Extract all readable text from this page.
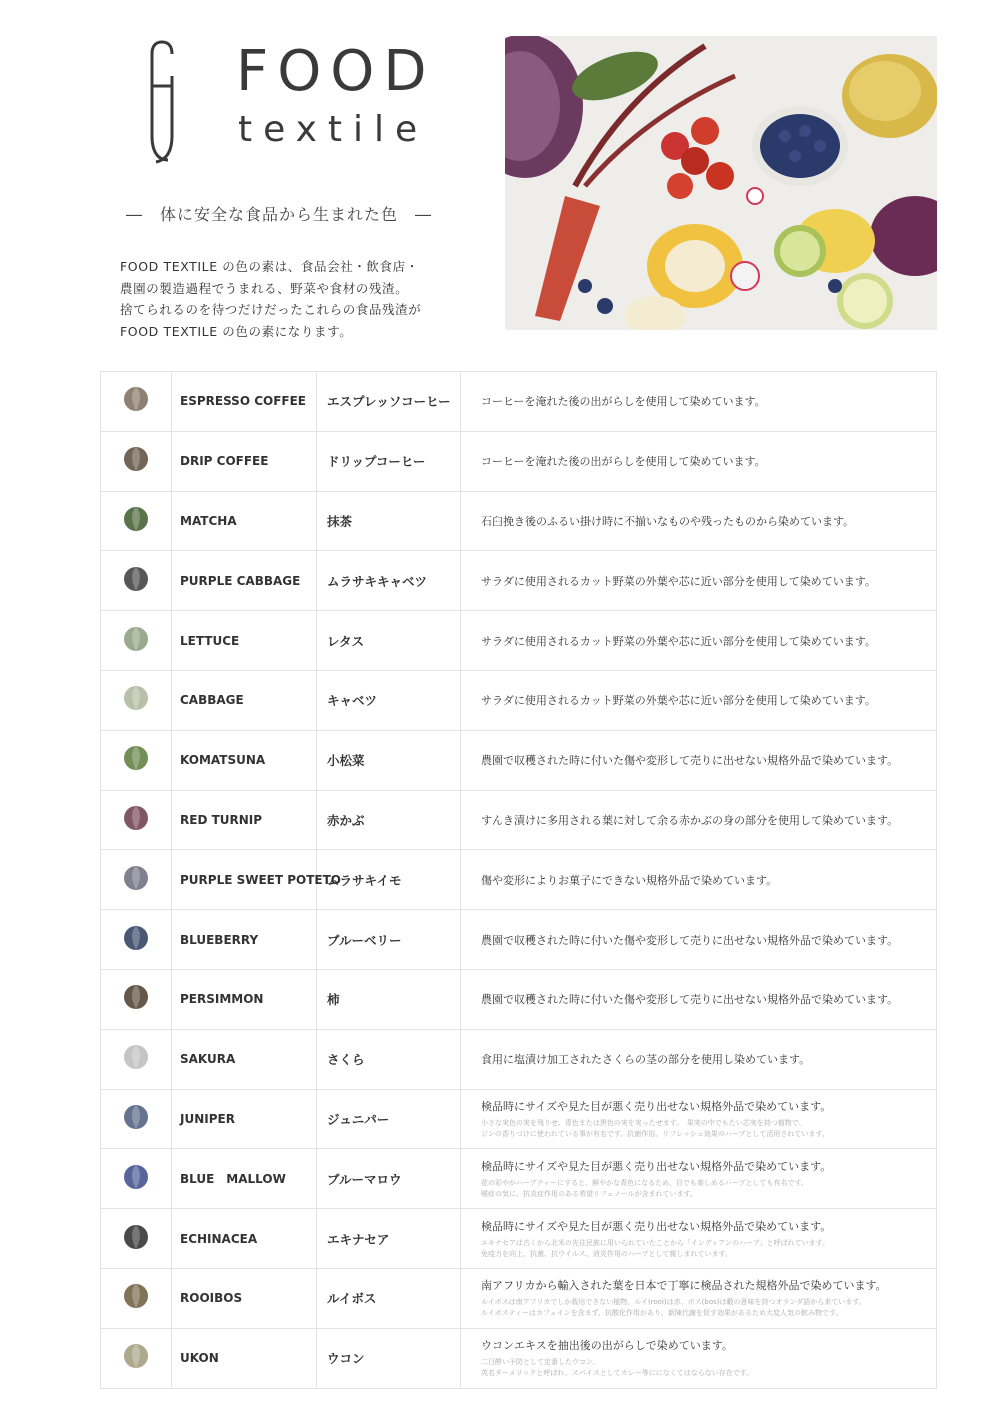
FOOD
textile
―　体に安全な食品から生まれた色　―

FOOD TEXTILE の色の素は、食品会社・飲食店・

農園の製造過程でうまれる、野菜や食材の残渣。

捨てられるのを待つだけだったこれらの食品残渣が

FOOD TEXTILE の色の素になります。

	ESPRESSO COFFEE	エスプレッソコーヒー	コーヒーを淹れた後の出がらしを使用して染めています。
	DRIP COFFEE	ドリップコーヒー	コーヒーを淹れた後の出がらしを使用して染めています。
	MATCHA	抹茶	石臼挽き後のふるい掛け時に不揃いなものや残ったものから染めています。
	PURPLE CABBAGE	ムラサキキャベツ	サラダに使用されるカット野菜の外葉や芯に近い部分を使用して染めています。
	LETTUCE	レタス	サラダに使用されるカット野菜の外葉や芯に近い部分を使用して染めています。
	CABBAGE	キャベツ	サラダに使用されるカット野菜の外葉や芯に近い部分を使用して染めています。
	KOMATSUNA	小松菜	農園で収穫された時に付いた傷や変形して売りに出せない規格外品で染めています。
	RED TURNIP	赤かぶ	すんき漬けに多用される葉に対して余る赤かぶの身の部分を使用して染めています。
	PURPLE SWEET POTETO	ムラサキイモ	傷や変形によりお菓子にできない規格外品で染めています。
	BLUEBERRY	ブルーベリー	農園で収穫された時に付いた傷や変形して売りに出せない規格外品で染めています。
	PERSIMMON	柿	農園で収穫された時に付いた傷や変形して売りに出せない規格外品で染めています。
	SAKURA	さくら	食用に塩漬け加工されたさくらの茎の部分を使用し染めています。
	JUNIPER	ジュニパー	検品時にサイズや見た目が悪く売り出せない規格外品で染めています。
小さな実色の実を残りせ、青色または黒色の実を実ったせます。　果実の中でもたい芯実を持つ植物で、
ジンの香りづけに使われている事が有名です。抗菌作用、リフレッシュ効果のハーブとして活用されています。

	BLUE　MALLOW	ブルーマロウ	検品時にサイズや見た目が悪く売り出せない規格外品で染めています。
花の彩やかハーブティーにすると、鮮やかな青色になるため、目でも楽しめるハーブとしても有名です。
喉症の気に、抗炎症作用のある希望リフェノールが含まれています。

	ECHINACEA	エキナセア	検品時にサイズや見た目が悪く売り出せない規格外品で染めています。
エキナセアは古くから北米の先住民族に用いられていたことから「インディアンのハーブ」と呼ばれています。
免疫力を向上、抗菌、抗ウイルス、消炎作用のハーブとして親しまれています。

	ROOIBOS	ルイボス	南アフリカから輸入された葉を日本で丁寧に検品された規格外品で染めています。
ルイボスは南アフリカでしか栽培できない植物。ルイ(rooi)は赤、ボス(bos)は藪の意味を持つオランダ語から来ています。
ルイボスティーはカフェインを含まず、抗酸化作用があり、新陳代謝を促す効果があるため大変人気の飲み物です。

	UKON	ウコン	ウコンエキスを抽出後の出がらしで染めています。
二日酔い予防として定番したウコン。
英名ターメリックと呼ばれ、スパイスとしてカレー等にになくてはならない存在です。
